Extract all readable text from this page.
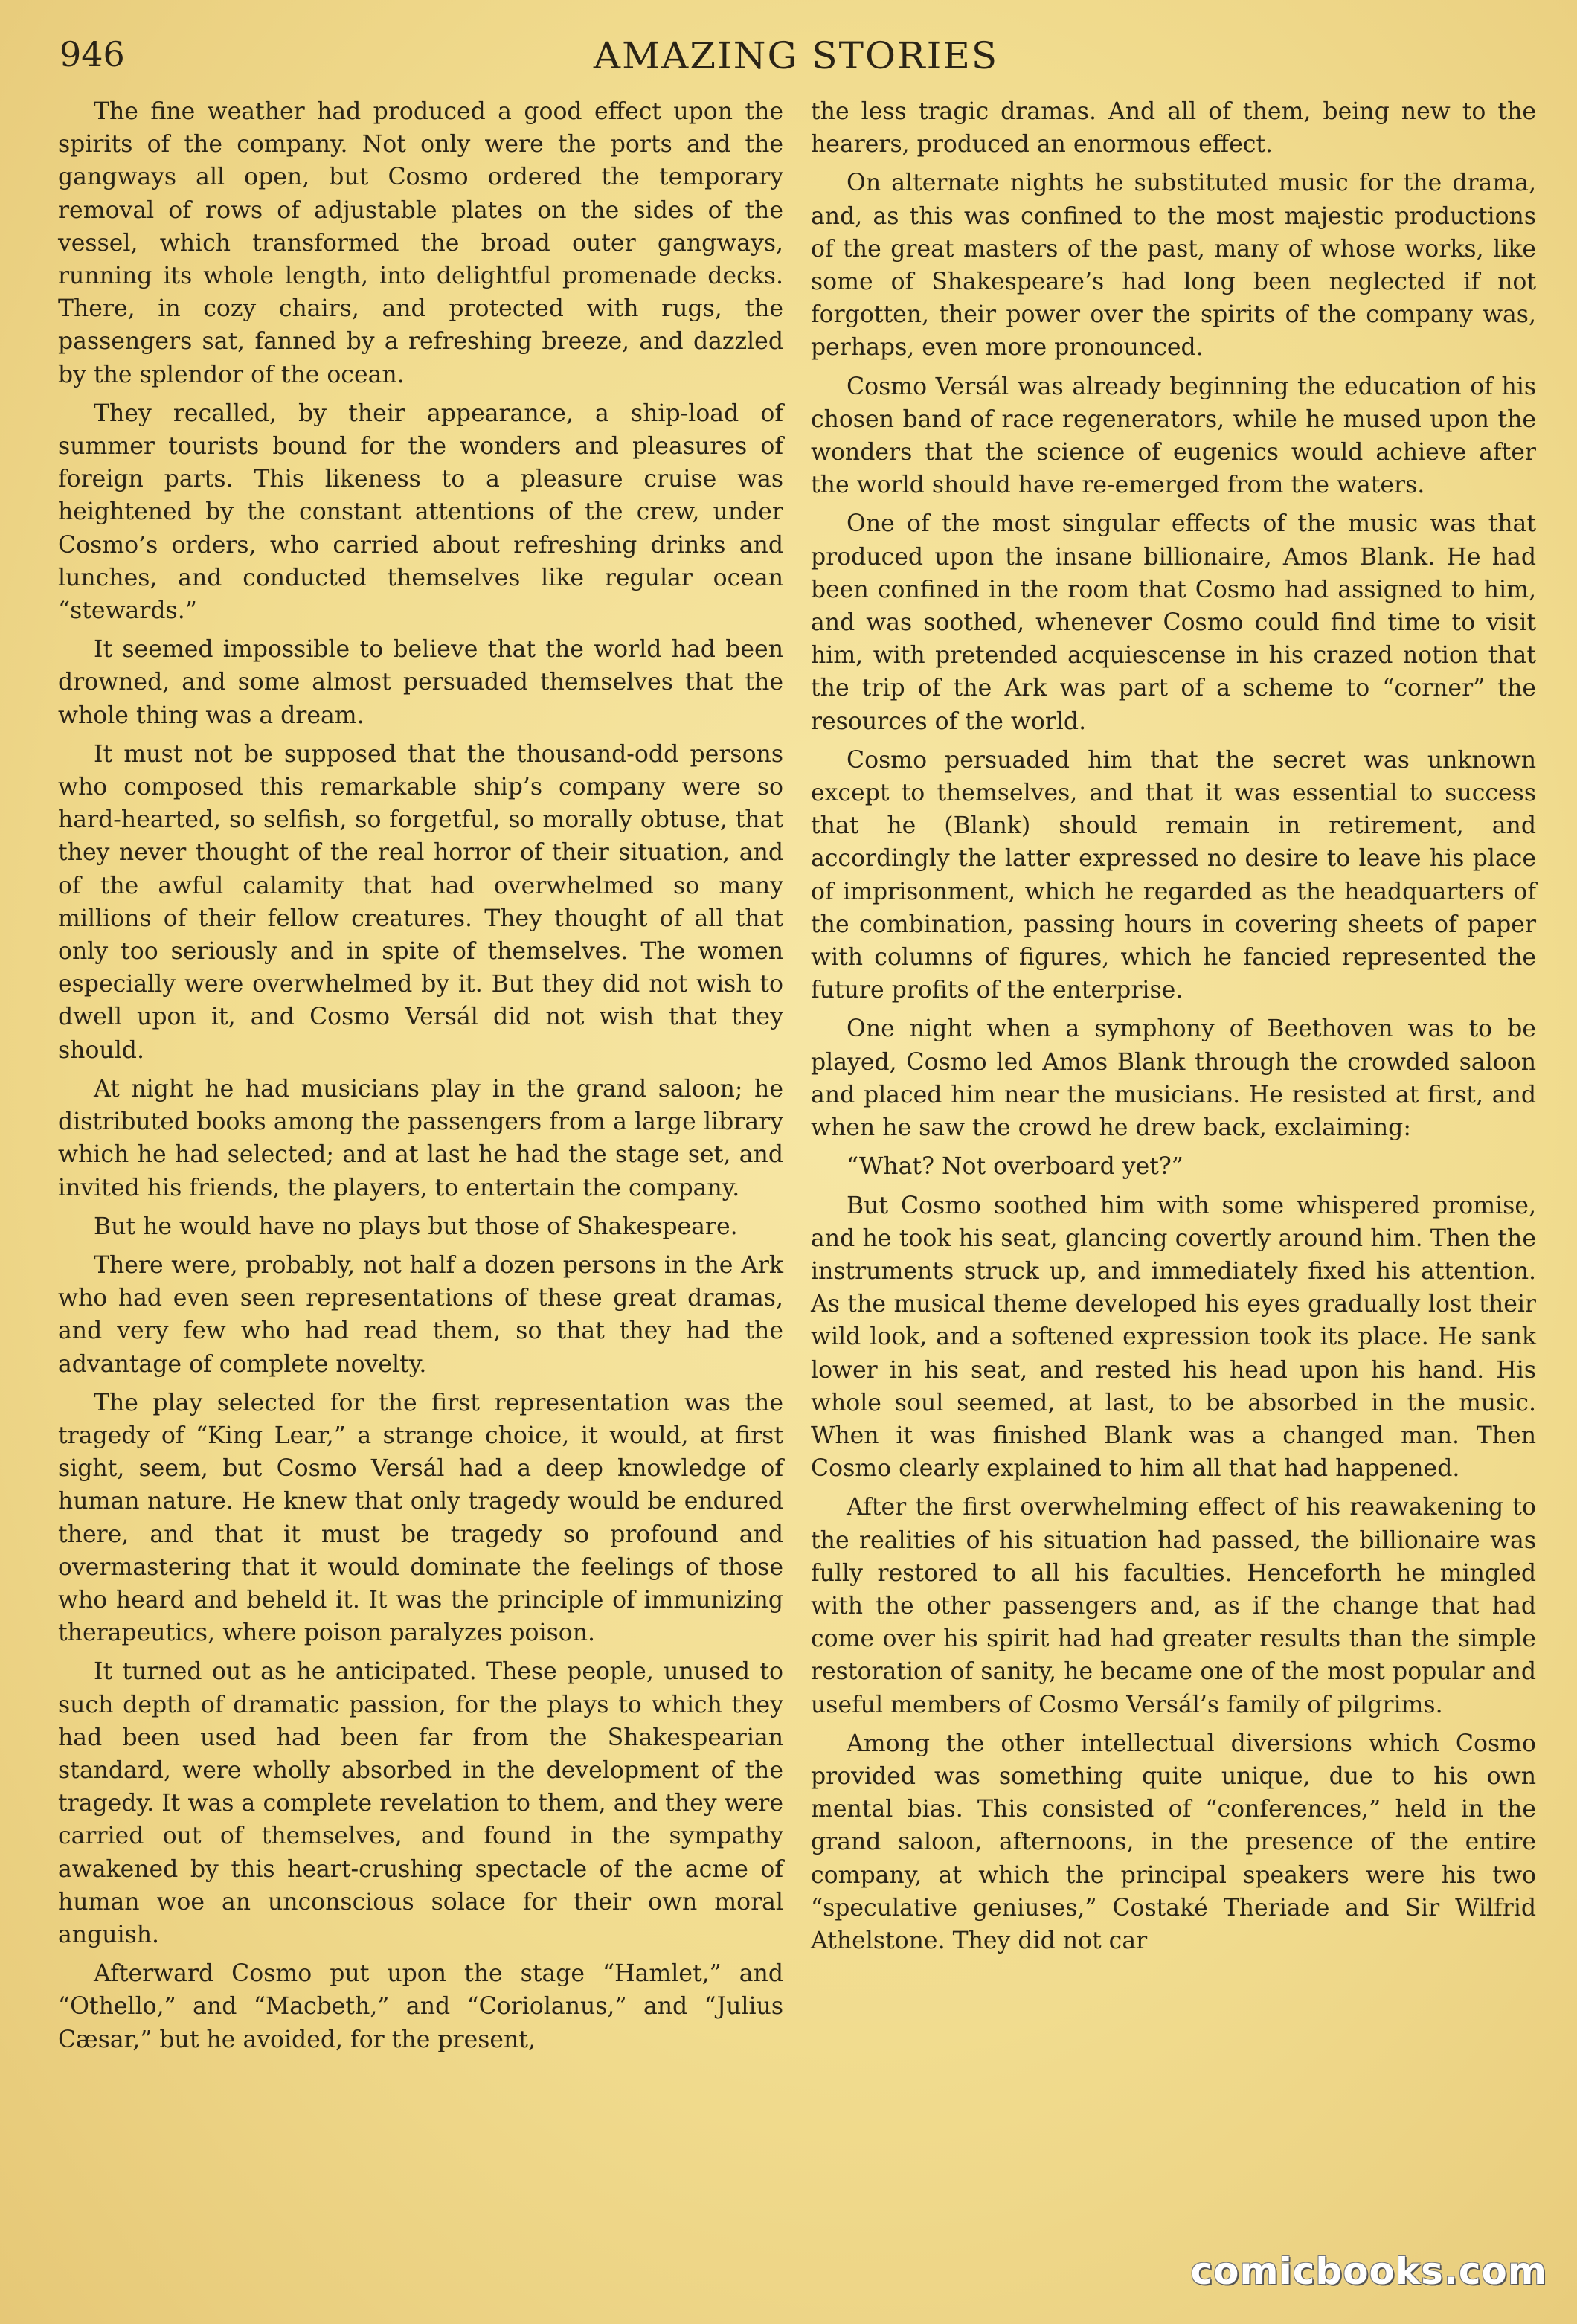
946	AMAZING STORIES

The fine weather had produced a good effect upon the spirits of the company. Not only were the ports and the gangways all open, but Cosmo ordered the temporary removal of rows of adjustable plates on the sides of the vessel, which transformed the broad outer gangways, running its whole length, into delightful promenade decks. There, in cozy chairs, and protected with rugs, the passengers sat, fanned by a refreshing breeze, and dazzled by the splendor of the ocean.

They recalled, by their appearance, a ship-load of summer tourists bound for the wonders and pleasures of foreign parts. This likeness to a pleasure cruise was heightened by the constant attentions of the crew, under Cosmo’s orders, who carried about refreshing drinks and lunches, and conducted themselves like regular ocean “stewards.”

It seemed impossible to believe that the world had been drowned, and some almost persuaded themselves that the whole thing was a dream.

It must not be supposed that the thousand-odd persons who composed this remarkable ship’s company were so hard-hearted, so selfish, so forgetful, so morally obtuse, that they never thought of the real horror of their situation, and of the awful calamity that had overwhelmed so many millions of their fellow creatures. They thought of all that only too seriously and in spite of themselves. The women especially were overwhelmed by it. But they did not wish to dwell upon it, and Cosmo Versál did not wish that they should.

At night he had musicians play in the grand saloon; he distributed books among the passengers from a large library which he had selected; and at last he had the stage set, and invited his friends, the players, to entertain the company.

But he would have no plays but those of Shakespeare.

There were, probably, not half a dozen persons in the Ark who had even seen representations of these great dramas, and very few who had read them, so that they had the advantage of complete novelty.

The play selected for the first representation was the tragedy of “King Lear,” a strange choice, it would, at first sight, seem, but Cosmo Versál had a deep knowledge of human nature. He knew that only tragedy would be endured there, and that it must be tragedy so profound and overmastering that it would dominate the feelings of those who heard and beheld it. It was the principle of immunizing therapeutics, where poison paralyzes poison.

It turned out as he anticipated. These people, unused to such depth of dramatic passion, for the plays to which they had been used had been far from the Shakespearian standard, were wholly absorbed in the development of the tragedy. It was a complete revelation to them, and they were carried out of themselves, and found in the sympathy awakened by this heart-crushing spectacle of the acme of human woe an unconscious solace for their own moral anguish.

Afterward Cosmo put upon the stage “Hamlet,” and “Othello,” and “Macbeth,” and “Coriolanus,” and “Julius Cæsar,” but he avoided, for the present,

the less tragic dramas. And all of them, being new to the hearers, produced an enormous effect.

On alternate nights he substituted music for the drama, and, as this was confined to the most majestic productions of the great masters of the past, many of whose works, like some of Shakespeare’s had long been neglected if not forgotten, their power over the spirits of the company was, perhaps, even more pronounced.

Cosmo Versál was already beginning the education of his chosen band of race regenerators, while he mused upon the wonders that the science of eugenics would achieve after the world should have re-emerged from the waters.

One of the most singular effects of the music was that produced upon the insane billionaire, Amos Blank. He had been confined in the room that Cosmo had assigned to him, and was soothed, whenever Cosmo could find time to visit him, with pretended acquiescense in his crazed notion that the trip of the Ark was part of a scheme to “corner” the resources of the world.

Cosmo persuaded him that the secret was unknown except to themselves, and that it was essential to success that he (Blank) should remain in retirement, and accordingly the latter expressed no desire to leave his place of imprisonment, which he regarded as the headquarters of the combination, passing hours in covering sheets of paper with columns of figures, which he fancied represented the future profits of the enterprise.

One night when a symphony of Beethoven was to be played, Cosmo led Amos Blank through the crowded saloon and placed him near the musicians. He resisted at first, and when he saw the crowd he drew back, exclaiming:

“What? Not overboard yet?”

But Cosmo soothed him with some whispered promise, and he took his seat, glancing covertly around him. Then the instruments struck up, and immediately fixed his attention. As the musical theme developed his eyes gradually lost their wild look, and a softened expression took its place. He sank lower in his seat, and rested his head upon his hand. His whole soul seemed, at last, to be absorbed in the music. When it was finished Blank was a changed man. Then Cosmo clearly explained to him all that had happened.

After the first overwhelming effect of his reawakening to the realities of his situation had passed, the billionaire was fully restored to all his faculties. Henceforth he mingled with the other passengers and, as if the change that had come over his spirit had had greater results than the simple restoration of sanity, he became one of the most popular and useful members of Cosmo Versál’s family of pilgrims.

Among the other intellectual diversions which Cosmo provided was something quite unique, due to his own mental bias. This consisted of “conferences,” held in the grand saloon, afternoons, in the presence of the entire company, at which the principal speakers were his two “speculative geniuses,” Costaké Theriade and Sir Wilfrid Athelstone. They did not car

comicbooks.com
